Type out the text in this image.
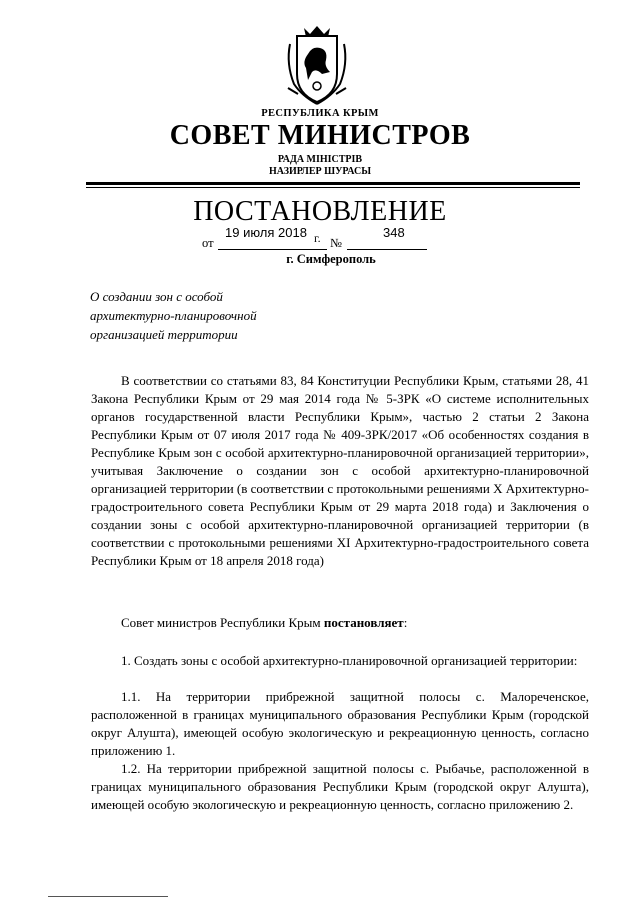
РЕСПУБЛИКА КРЫМ
СОВЕТ МИНИСТРОВ
РАДА МІНІСТРІВ
НАЗИРЛЕР ШУРАСЫ
ПОСТАНОВЛЕНИЕ
19 июля 2018 г.	348
от	№
г. Симферополь
О создании зон с особой
архитектурно-планировочной
организацией территории
В соответствии со статьями 83, 84 Конституции Республики Крым, статьями 28, 41 Закона Республики Крым от 29 мая 2014 года № 5-ЗРК «О системе исполнительных органов государственной власти Республики Крым», частью 2 статьи 2 Закона Республики Крым от 07 июля 2017 года № 409-ЗРК/2017 «Об особенностях создания в Республике Крым зон с особой архитектурно-планировочной организацией территории», учитывая Заключение о создании зон с особой архитектурно-планировочной организацией территории (в соответствии с протокольными решениями Х Архитектурно-градостроительного совета Республики Крым от 29 марта 2018 года) и Заключения о создании зоны с особой архитектурно-планировочной организацией территории (в соответствии с протокольными решениями XI Архитектурно-градостроительного совета Республики Крым от 18 апреля 2018 года)
Совет министров Республики Крым постановляет:
1. Создать зоны с особой архитектурно-планировочной организацией территории:
1.1. На территории прибрежной защитной полосы с. Малореченское, расположенной в границах муниципального образования Республики Крым (городской округ Алушта), имеющей особую экологическую и рекреационную ценность, согласно приложению 1.
1.2. На территории прибрежной защитной полосы с. Рыбачье, расположенной в границах муниципального образования Республики Крым (городской округ Алушта), имеющей особую экологическую и рекреационную ценность, согласно приложению 2.
